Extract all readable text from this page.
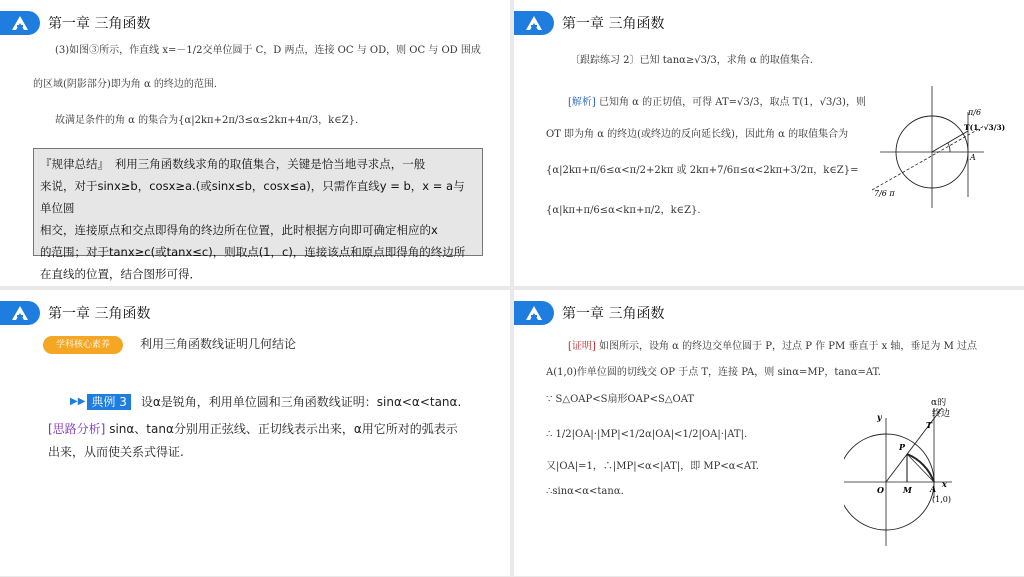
第一章 三角函数
(3)如图③所示，作直线 x=－1/2交单位圆于 C，D 两点，连接 OC 与 OD，则 OC 与 OD 围成
的区域(阴影部分)即为角 α 的终边的范围.
故满足条件的角 α 的集合为{α|2kπ+2π/3≤α≤2kπ+4π/3，k∈Z}.
『规律总结』　利用三角函数线求角的取值集合，关键是恰当地寻求点，一般
来说，对于sinx≥b，cosx≥a.(或sinx≤b，cosx≤a)，只需作直线y = b，x = a与单位圆
相交，连接原点和交点即得角的终边所在位置，此时根据方向即可确定相应的x
的范围；对于tanx≥c(或tanx≤c)，则取点(1，c)，连接该点和原点即得角的终边所
在直线的位置，结合图形可得．
第一章 三角函数
〔跟踪练习 2〕已知 tanα≥√3/3，求角 α 的取值集合.
[解析] 已知角 α 的正切值，可得 AT=√3/3，取点 T(1，√3/3)，则
OT 即为角 α 的终边(或终边的反向延长线)，因此角 α 的取值集合为
{α|2kπ+π/6≤α<π/2+2kπ 或 2kπ+7/6π≤α<2kπ+3/2π，k∈Z}=
{α|kπ+π/6≤α<kπ+π/2，k∈Z}.
π/6
T(1, √3/3)
A
7/6 π
第一章 三角函数
学科核心素养	利用三角函数线证明几何结论
▶▶ 典例 3	设α是锐角，利用单位圆和三角函数线证明：sinα<α<tanα.
[思路分析] sinα、tanα分别用正弦线、正切线表示出来，α用它所对的弧表示
出来，从而使关系式得证.
第一章 三角函数
[证明] 如图所示，设角 α 的终边交单位圆于 P，过点 P 作 PM 垂直于 x 轴，垂足为 M 过点
A(1,0)作单位圆的切线交 OP 于点 T，连接 PA，则 sinα=MP，tanα=AT.
∵ S△OAP<S扇形OAP<S△OAT
∴ 1/2|OA|·|MP|<1/2α|OA|<1/2|OA|·|AT|.
又|OA|=1，∴|MP|<α<|AT|，即 MP<α<AT.
∴sinα<α<tanα.
α的
终边
y
T
P
O M A x
(1,0)
